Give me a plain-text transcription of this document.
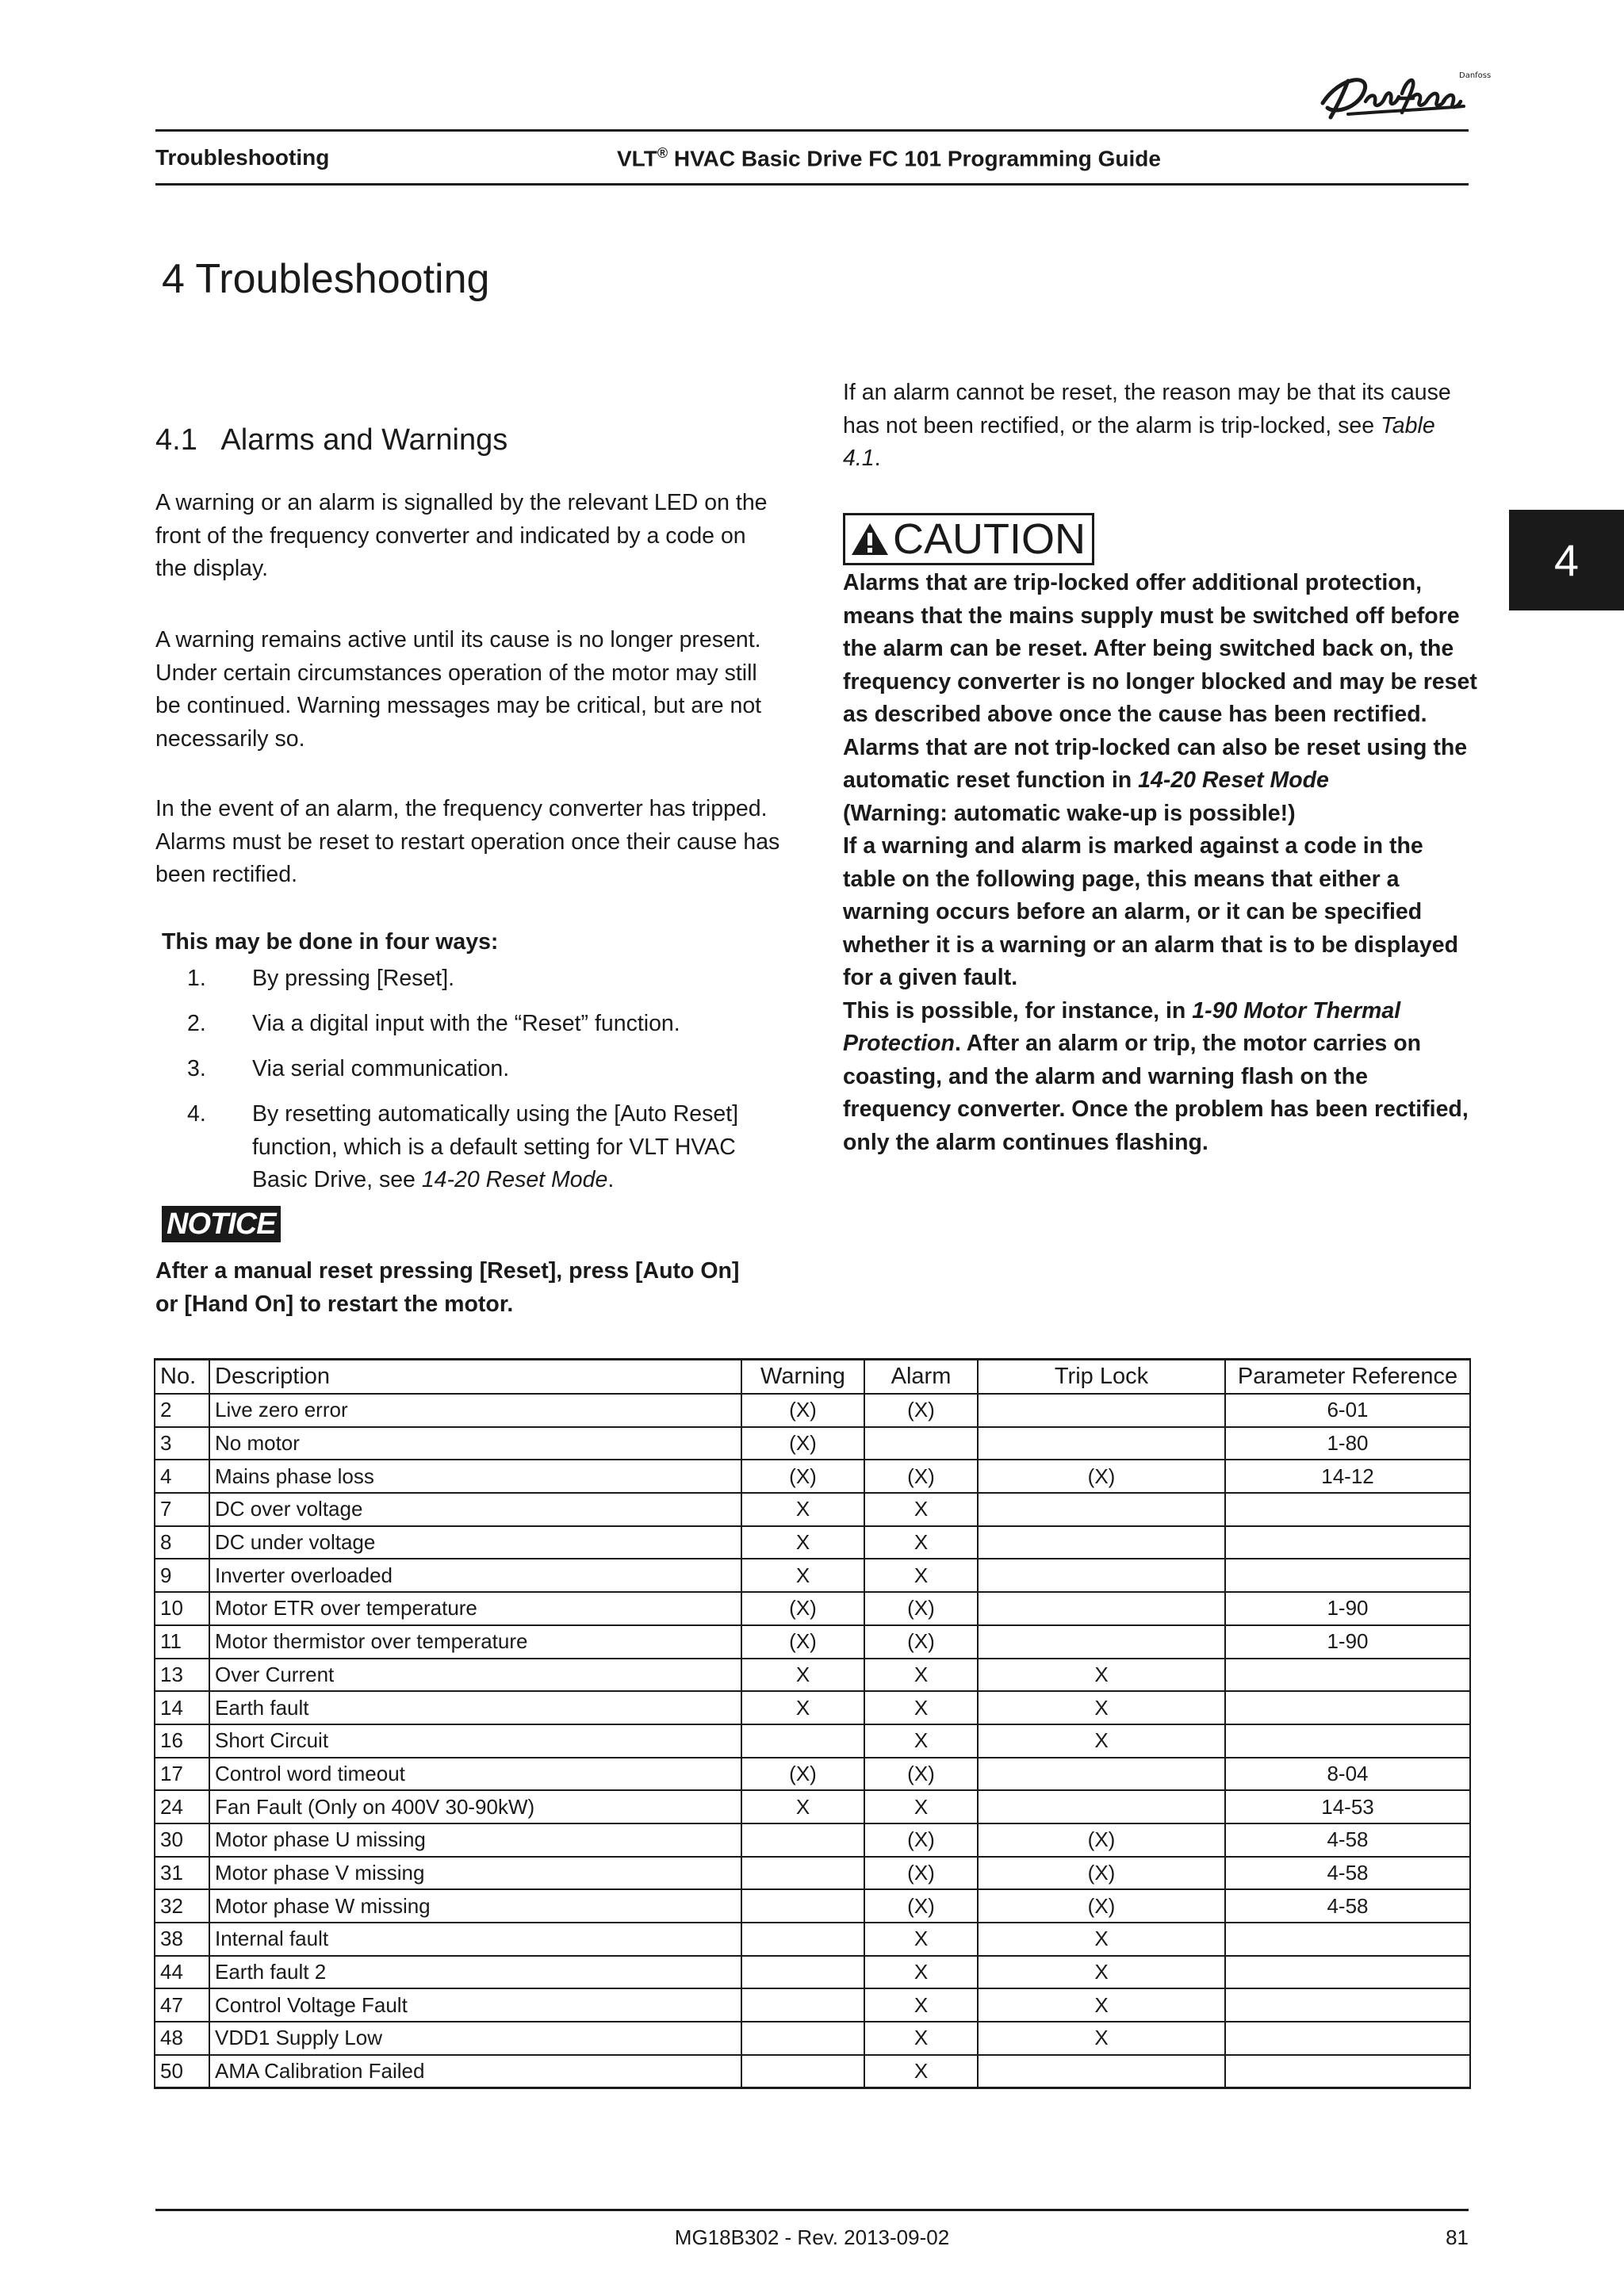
Danfoss
Troubleshooting	VLT® HVAC Basic Drive FC 101 Programming Guide
4
4 Troubleshooting
4.1   Alarms and Warnings
A warning or an alarm is signalled by the relevant LED on the front of the frequency converter and indicated by a code on the display.
A warning remains active until its cause is no longer present. Under certain circumstances operation of the motor may still be continued. Warning messages may be critical, but are not necessarily so.
In the event of an alarm, the frequency converter has tripped. Alarms must be reset to restart operation once their cause has been rectified.
This may be done in four ways:
1. By pressing [Reset].
2. Via a digital input with the “Reset” function.
3. Via serial communication.
4. By resetting automatically using the [Auto Reset] function, which is a default setting for VLT HVAC Basic Drive, see 14-20 Reset Mode.
NOTICE
After a manual reset pressing [Reset], press [Auto On] or [Hand On] to restart the motor.
If an alarm cannot be reset, the reason may be that its cause has not been rectified, or the alarm is trip-locked, see Table 4.1.
CAUTION
Alarms that are trip-locked offer additional protection, means that the mains supply must be switched off before the alarm can be reset. After being switched back on, the frequency converter is no longer blocked and may be reset as described above once the cause has been rectified.
Alarms that are not trip-locked can also be reset using the automatic reset function in 14-20 Reset Mode
(Warning: automatic wake-up is possible!)
If a warning and alarm is marked against a code in the table on the following page, this means that either a warning occurs before an alarm, or it can be specified whether it is a warning or an alarm that is to be displayed for a given fault.
This is possible, for instance, in 1-90 Motor Thermal Protection. After an alarm or trip, the motor carries on coasting, and the alarm and warning flash on the frequency converter. Once the problem has been rectified, only the alarm continues flashing.
No.	Description	Warning	Alarm	Trip Lock	Parameter Reference
2	Live zero error	(X)	(X)		6-01
3	No motor	(X)			1-80
4	Mains phase loss	(X)	(X)	(X)	14-12
7	DC over voltage	X	X		
8	DC under voltage	X	X		
9	Inverter overloaded	X	X		
10	Motor ETR over temperature	(X)	(X)		1-90
11	Motor thermistor over temperature	(X)	(X)		1-90
13	Over Current	X	X	X	
14	Earth fault	X	X	X	
16	Short Circuit		X	X	
17	Control word timeout	(X)	(X)		8-04
24	Fan Fault (Only on 400V 30-90kW)	X	X		14-53
30	Motor phase U missing		(X)	(X)	4-58
31	Motor phase V missing		(X)	(X)	4-58
32	Motor phase W missing		(X)	(X)	4-58
38	Internal fault		X	X	
44	Earth fault 2		X	X	
47	Control Voltage Fault		X	X	
48	VDD1 Supply Low		X	X	
50	AMA Calibration Failed		X		
MG18B302 - Rev. 2013-09-02	81
